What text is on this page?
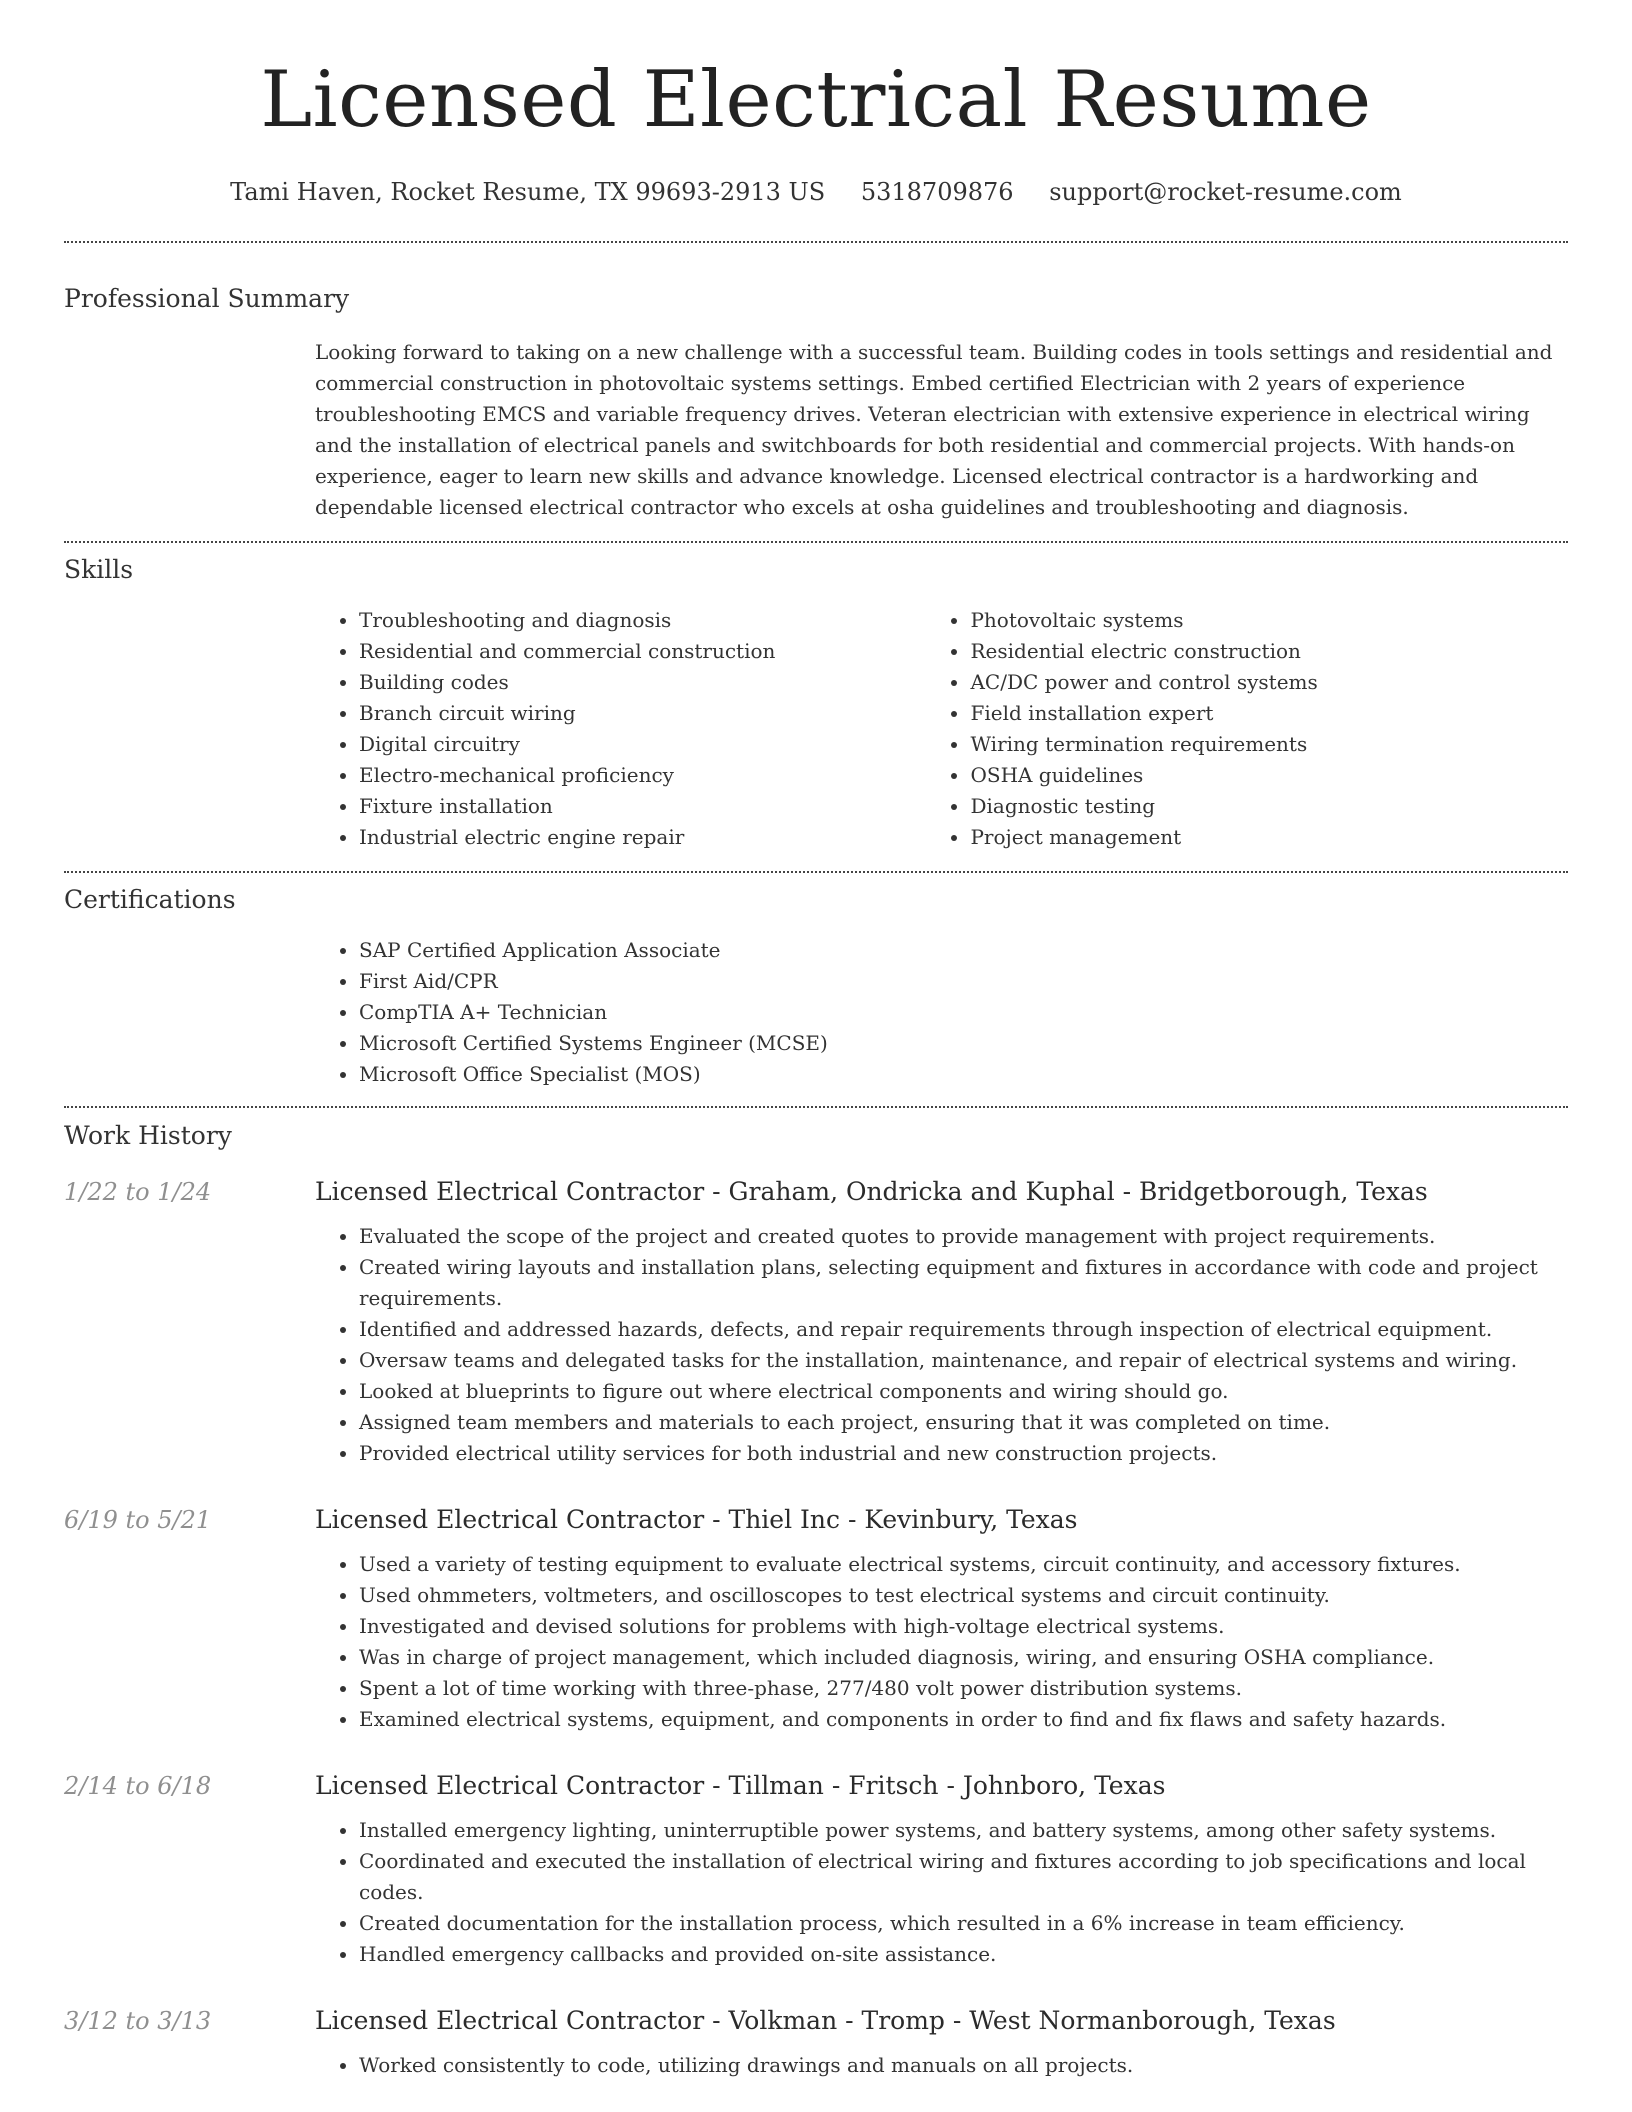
Licensed Electrical Resume
Tami Haven, Rocket Resume, TX 99693-2913 US 5318709876 support@rocket-resume.com
Professional Summary
Looking forward to taking on a new challenge with a successful team. Building codes in tools settings and residential and commercial construction in photovoltaic systems settings. Embed certified Electrician with 2 years of experience troubleshooting EMCS and variable frequency drives. Veteran electrician with extensive experience in electrical wiring and the installation of electrical panels and switchboards for both residential and commercial projects. With hands-on experience, eager to learn new skills and advance knowledge. Licensed electrical contractor is a hardworking and dependable licensed electrical contractor who excels at osha guidelines and troubleshooting and diagnosis.
Skills
• Troubleshooting and diagnosis
• Residential and commercial construction
• Building codes
• Branch circuit wiring
• Digital circuitry
• Electro-mechanical proficiency
• Fixture installation
• Industrial electric engine repair
• Photovoltaic systems
• Residential electric construction
• AC/DC power and control systems
• Field installation expert
• Wiring termination requirements
• OSHA guidelines
• Diagnostic testing
• Project management
Certifications
• SAP Certified Application Associate
• First Aid/CPR
• CompTIA A+ Technician
• Microsoft Certified Systems Engineer (MCSE)
• Microsoft Office Specialist (MOS)
Work History
1/22 to 1/24	Licensed Electrical Contractor - Graham, Ondricka and Kuphal - Bridgetborough, Texas
• Evaluated the scope of the project and created quotes to provide management with project requirements.
• Created wiring layouts and installation plans, selecting equipment and fixtures in accordance with code and project requirements.
• Identified and addressed hazards, defects, and repair requirements through inspection of electrical equipment.
• Oversaw teams and delegated tasks for the installation, maintenance, and repair of electrical systems and wiring.
• Looked at blueprints to figure out where electrical components and wiring should go.
• Assigned team members and materials to each project, ensuring that it was completed on time.
• Provided electrical utility services for both industrial and new construction projects.
6/19 to 5/21	Licensed Electrical Contractor - Thiel Inc - Kevinbury, Texas
• Used a variety of testing equipment to evaluate electrical systems, circuit continuity, and accessory fixtures.
• Used ohmmeters, voltmeters, and oscilloscopes to test electrical systems and circuit continuity.
• Investigated and devised solutions for problems with high-voltage electrical systems.
• Was in charge of project management, which included diagnosis, wiring, and ensuring OSHA compliance.
• Spent a lot of time working with three-phase, 277/480 volt power distribution systems.
• Examined electrical systems, equipment, and components in order to find and fix flaws and safety hazards.
2/14 to 6/18	Licensed Electrical Contractor - Tillman - Fritsch - Johnboro, Texas
• Installed emergency lighting, uninterruptible power systems, and battery systems, among other safety systems.
• Coordinated and executed the installation of electrical wiring and fixtures according to job specifications and local codes.
• Created documentation for the installation process, which resulted in a 6% increase in team efficiency.
• Handled emergency callbacks and provided on-site assistance.
3/12 to 3/13	Licensed Electrical Contractor - Volkman - Tromp - West Normanborough, Texas
• Worked consistently to code, utilizing drawings and manuals on all projects.
